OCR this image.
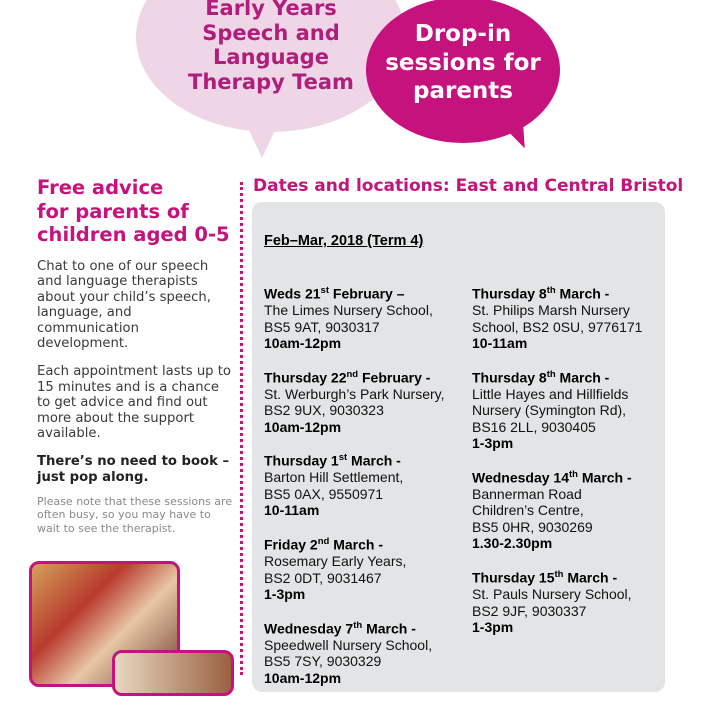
Early Years
Speech and
Language
Therapy Team
Drop-in
sessions for
parents

Free advice
for parents of
children aged 0-5

Chat to one of our speech and language therapists about your child’s speech, language, and communication development.

Each appointment lasts up to 15 minutes and is a chance to get advice and find out more about the support available.

There’s no need to book – just pop along.

Please note that these sessions are often busy, so you may have to wait to see the therapist.

Dates and locations: East and Central Bristol
Feb–Mar, 2018 (Term 4)
Weds 21st February –
The Limes Nursery School,
BS5 9AT, 9030317
10am-12pm
Thursday 22nd February -
St. Werburgh’s Park Nursery,
BS2 9UX, 9030323
10am-12pm
Thursday 1st March -
Barton Hill Settlement,
BS5 0AX, 9550971
10-11am
Friday 2nd March -
Rosemary Early Years,
BS2 0DT, 9031467
1-3pm
Wednesday 7th March -
Speedwell Nursery School,
BS5 7SY, 9030329
10am-12pm
Thursday 8th March -
St. Philips Marsh Nursery
School, BS2 0SU, 9776171
10-11am
Thursday 8th March -
Little Hayes and Hillfields
Nursery (Symington Rd),
BS16 2LL, 9030405
1-3pm
Wednesday 14th March -
Bannerman Road
Children’s Centre,
BS5 0HR, 9030269
1.30-2.30pm
Thursday 15th March -
St. Pauls Nursery School,
BS2 9JF, 9030337
1-3pm
